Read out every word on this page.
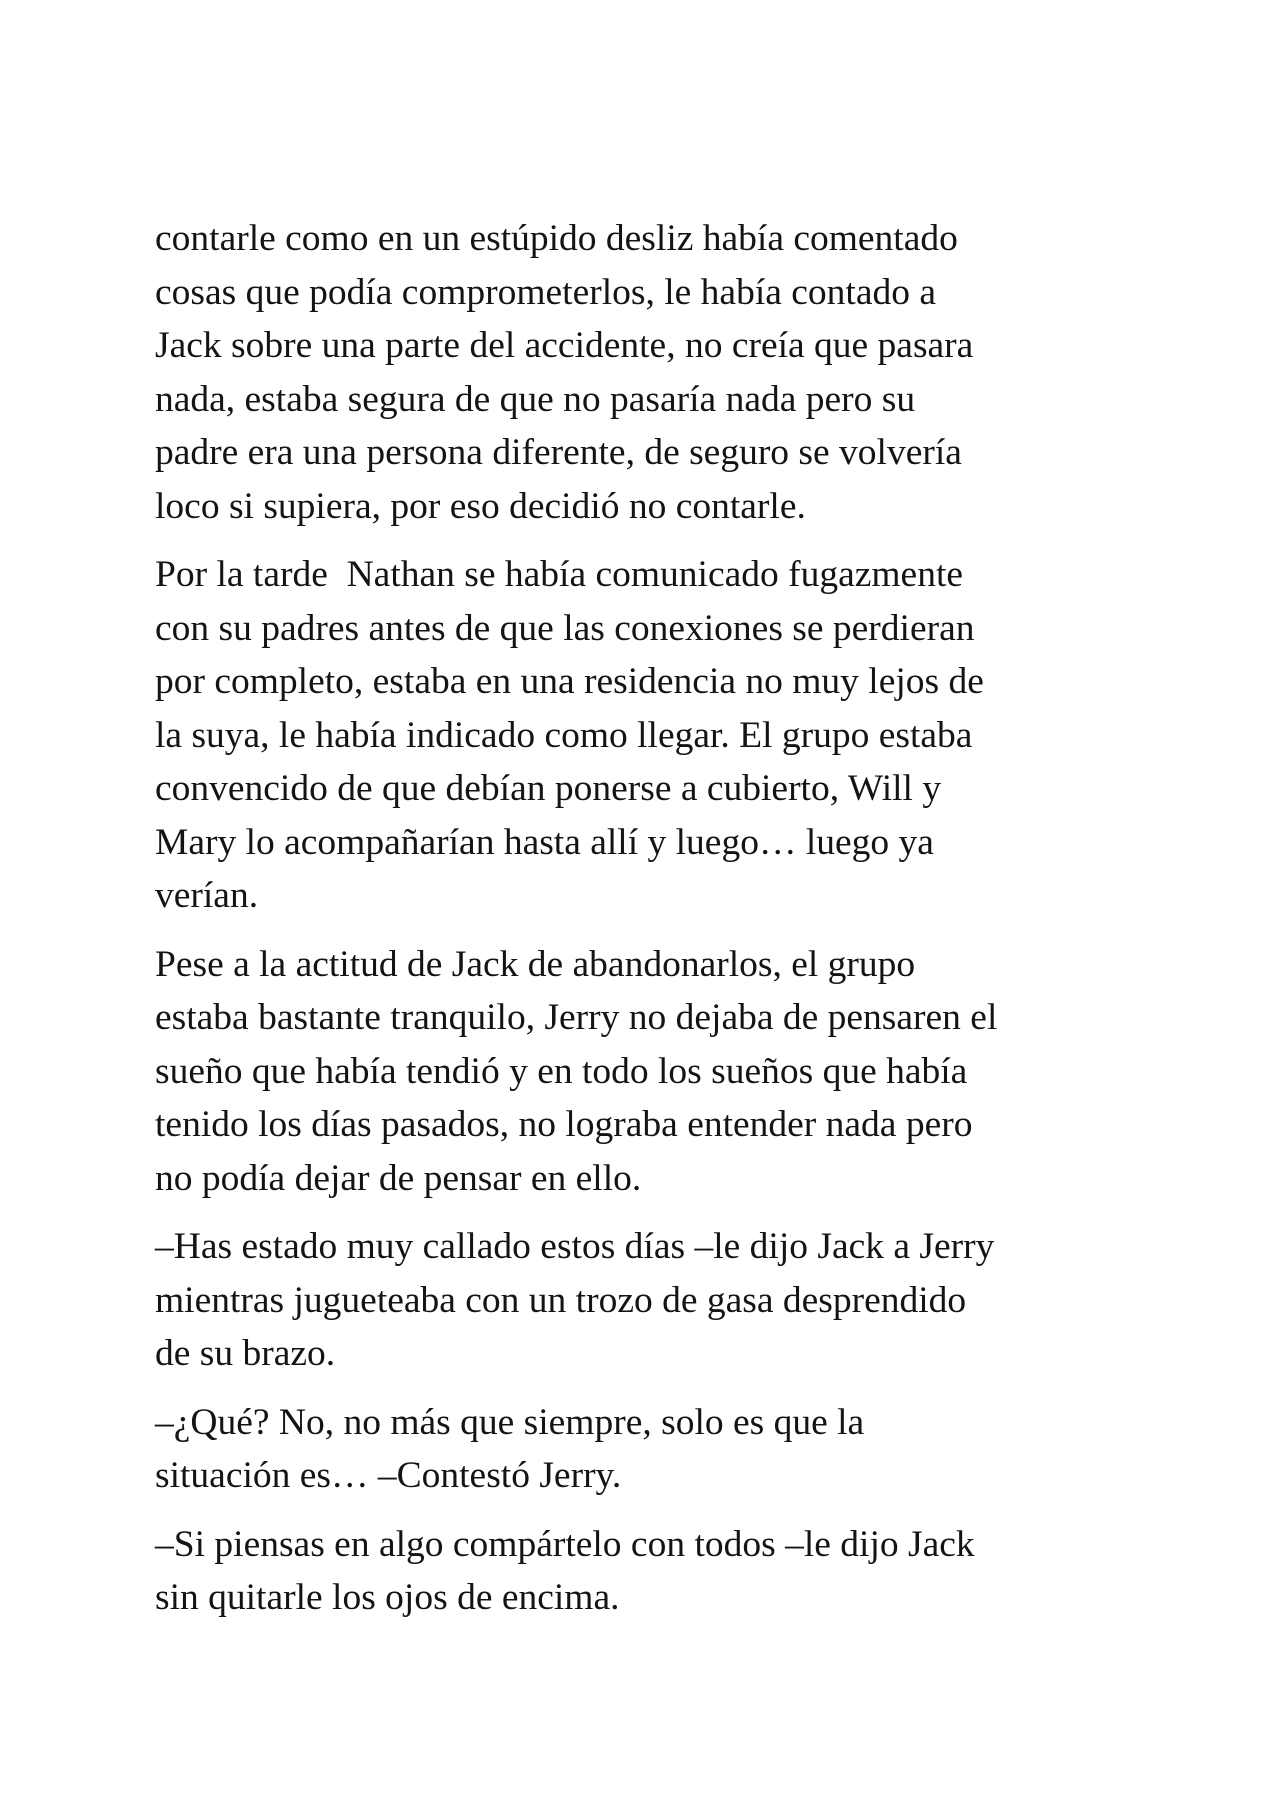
contarle como en un estúpido desliz había comentado
cosas que podía comprometerlos, le había contado a
Jack sobre una parte del accidente, no creía que pasara
nada, estaba segura de que no pasaría nada pero su
padre era una persona diferente, de seguro se volvería
loco si supiera, por eso decidió no contarle.
Por la tarde  Nathan se había comunicado fugazmente
con su padres antes de que las conexiones se perdieran
por completo, estaba en una residencia no muy lejos de
la suya, le había indicado como llegar. El grupo estaba
convencido de que debían ponerse a cubierto, Will y
Mary lo acompañarían hasta allí y luego… luego ya
verían.
Pese a la actitud de Jack de abandonarlos, el grupo
estaba bastante tranquilo, Jerry no dejaba de pensaren el
sueño que había tendió y en todo los sueños que había
tenido los días pasados, no lograba entender nada pero
no podía dejar de pensar en ello.
–Has estado muy callado estos días –le dijo Jack a Jerry
mientras jugueteaba con un trozo de gasa desprendido
de su brazo.
–¿Qué? No, no más que siempre, solo es que la
situación es… –Contestó Jerry.
–Si piensas en algo compártelo con todos –le dijo Jack
sin quitarle los ojos de encima.
